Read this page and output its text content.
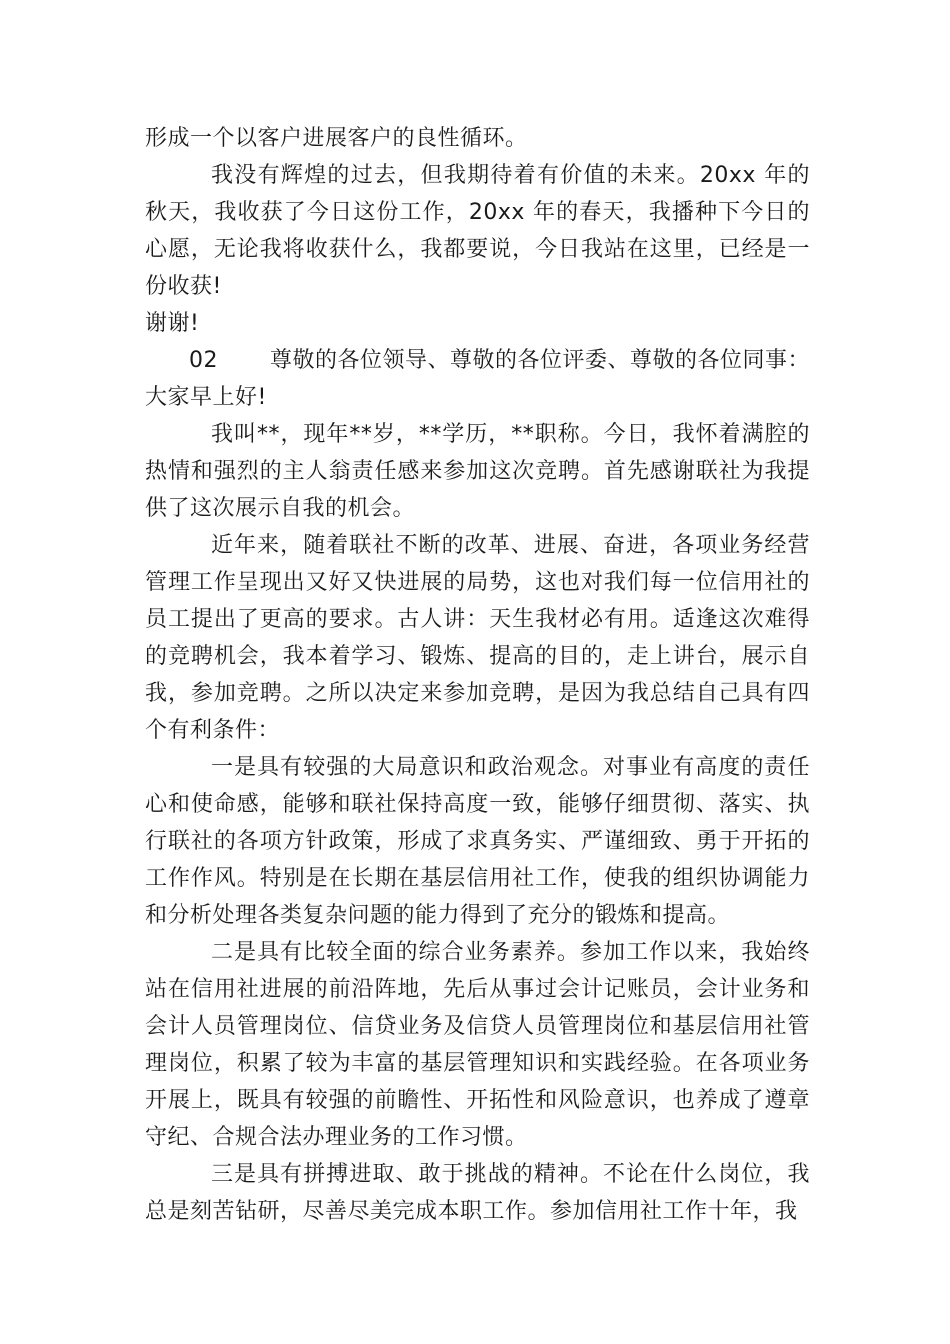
形成一个以客户进展客户的良性循环。

我没有辉煌的过去，但我期待着有价值的未来。20xx 年的秋天，我收获了今日这份工作，20xx 年的春天，我播种下今日的心愿，无论我将收获什么，我都要说，今日我站在这里，已经是一份收获!

谢谢!

02	尊敬的各位领导、尊敬的各位评委、尊敬的各位同事：

大家早上好!

我叫**，现年**岁，**学历，**职称。今日，我怀着满腔的热情和强烈的主人翁责任感来参加这次竞聘。首先感谢联社为我提供了这次展示自我的机会。

近年来，随着联社不断的改革、进展、奋进，各项业务经营管理工作呈现出又好又快进展的局势，这也对我们每一位信用社的员工提出了更高的要求。古人讲：天生我材必有用。适逢这次难得的竞聘机会，我本着学习、锻炼、提高的目的，走上讲台，展示自我，参加竞聘。之所以决定来参加竞聘，是因为我总结自己具有四个有利条件：

一是具有较强的大局意识和政治观念。对事业有高度的责任心和使命感，能够和联社保持高度一致，能够仔细贯彻、落实、执行联社的各项方针政策，形成了求真务实、严谨细致、勇于开拓的工作作风。特别是在长期在基层信用社工作，使我的组织协调能力和分析处理各类复杂问题的能力得到了充分的锻炼和提高。

二是具有比较全面的综合业务素养。参加工作以来，我始终站在信用社进展的前沿阵地，先后从事过会计记账员，会计业务和会计人员管理岗位、信贷业务及信贷人员管理岗位和基层信用社管理岗位，积累了较为丰富的基层管理知识和实践经验。在各项业务开展上，既具有较强的前瞻性、开拓性和风险意识，也养成了遵章守纪、合规合法办理业务的工作习惯。

三是具有拼搏进取、敢于挑战的精神。不论在什么岗位，我总是刻苦钻研，尽善尽美完成本职工作。参加信用社工作十年，我
